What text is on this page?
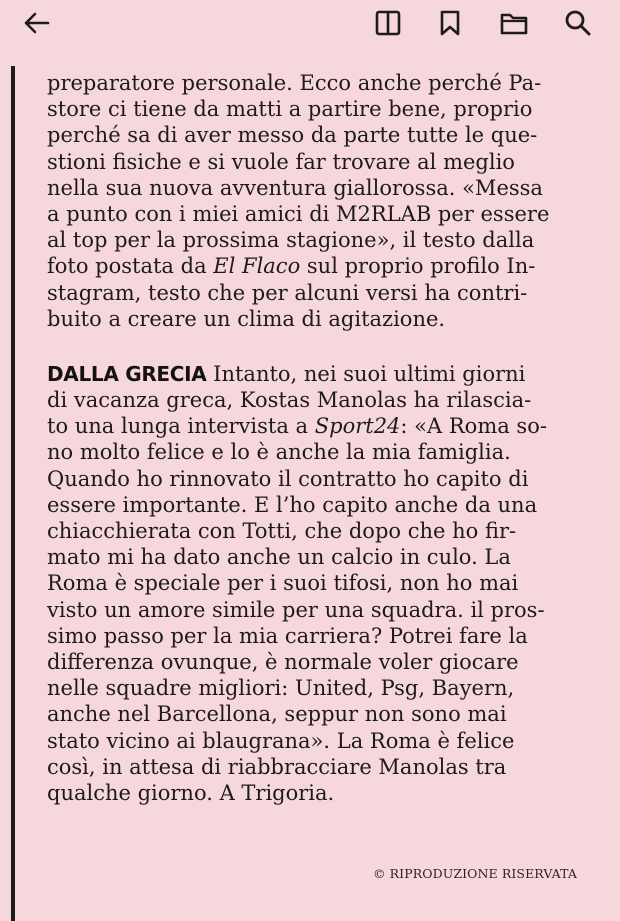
preparatore personale. Ecco anche perché Pa-
store ci tiene da matti a partire bene, proprio
perché sa di aver messo da parte tutte le que-
stioni fisiche e si vuole far trovare al meglio
nella sua nuova avventura giallorossa. «Messa
a punto con i miei amici di M2RLAB per essere
al top per la prossima stagione», il testo dalla
foto postata da El Flaco sul proprio profilo In-
stagram, testo che per alcuni versi ha contri-
buito a creare un clima di agitazione.

DALLA GRECIA Intanto, nei suoi ultimi giorni
di vacanza greca, Kostas Manolas ha rilascia-
to una lunga intervista a Sport24: «A Roma so-
no molto felice e lo è anche la mia famiglia.
Quando ho rinnovato il contratto ho capito di
essere importante. E l’ho capito anche da una
chiacchierata con Totti, che dopo che ho fir-
mato mi ha dato anche un calcio in culo. La
Roma è speciale per i suoi tifosi, non ho mai
visto un amore simile per una squadra. il pros-
simo passo per la mia carriera? Potrei fare la
differenza ovunque, è normale voler giocare
nelle squadre migliori: United, Psg, Bayern,
anche nel Barcellona, seppur non sono mai
stato vicino ai blaugrana». La Roma è felice
così, in attesa di riabbracciare Manolas tra
qualche giorno. A Trigoria.

© RIPRODUZIONE RISERVATA
